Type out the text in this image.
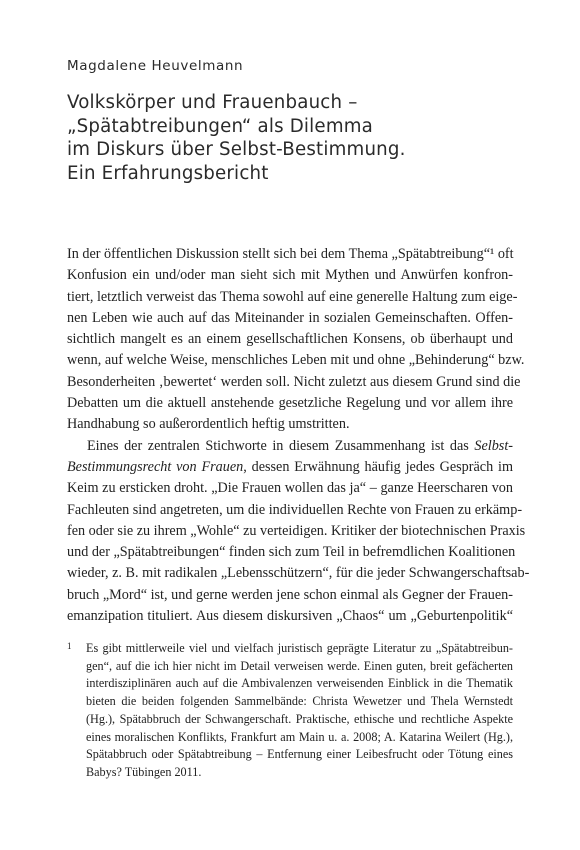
Magdalene Heuvelmann
Volkskörper und Frauenbauch –
„Spätabtreibungen“ als Dilemma
im Diskurs über Selbst-Bestimmung.
Ein Erfahrungsbericht
In der öffentlichen Diskussion stellt sich bei dem Thema „Spätabtreibung“¹ oft
Konfusion ein und/oder man sieht sich mit Mythen und Anwürfen konfron-
tiert, letztlich verweist das Thema sowohl auf eine generelle Haltung zum eige-
nen Leben wie auch auf das Miteinander in sozialen Gemeinschaften. Offen-
sichtlich mangelt es an einem gesellschaftlichen Konsens, ob überhaupt und
wenn, auf welche Weise, menschliches Leben mit und ohne „Behinderung“ bzw.
Besonderheiten ‚bewertet‘ werden soll. Nicht zuletzt aus diesem Grund sind die
Debatten um die aktuell anstehende gesetzliche Regelung und vor allem ihre
Handhabung so außerordentlich heftig umstritten.
Eines der zentralen Stichworte in diesem Zusammenhang ist das Selbst-
Bestimmungsrecht von Frauen, dessen Erwähnung häufig jedes Gespräch im
Keim zu ersticken droht. „Die Frauen wollen das ja“ – ganze Heerscharen von
Fachleuten sind angetreten, um die individuellen Rechte von Frauen zu erkämp-
fen oder sie zu ihrem „Wohle“ zu verteidigen. Kritiker der biotechnischen Praxis
und der „Spätabtreibungen“ finden sich zum Teil in befremdlichen Koalitionen
wieder, z. B. mit radikalen „Lebensschützern“, für die jeder Schwangerschaftsab-
bruch „Mord“ ist, und gerne werden jene schon einmal als Gegner der Frauen-
emanzipation tituliert. Aus diesem diskursiven „Chaos“ um „Geburtenpolitik“
1 Es gibt mittlerweile viel und vielfach juristisch geprägte Literatur zu „Spätabtreibun-
gen“, auf die ich hier nicht im Detail verweisen werde. Einen guten, breit gefächerten
interdisziplinären auch auf die Ambivalenzen verweisenden Einblick in die Thematik
bieten die beiden folgenden Sammelbände: Christa Wewetzer und Thela Wernstedt
(Hg.), Spätabbruch der Schwangerschaft. Praktische, ethische und rechtliche Aspekte
eines moralischen Konflikts, Frankfurt am Main u. a. 2008; A. Katarina Weilert (Hg.),
Spätabbruch oder Spätabtreibung – Entfernung einer Leibesfrucht oder Tötung eines
Babys? Tübingen 2011.
